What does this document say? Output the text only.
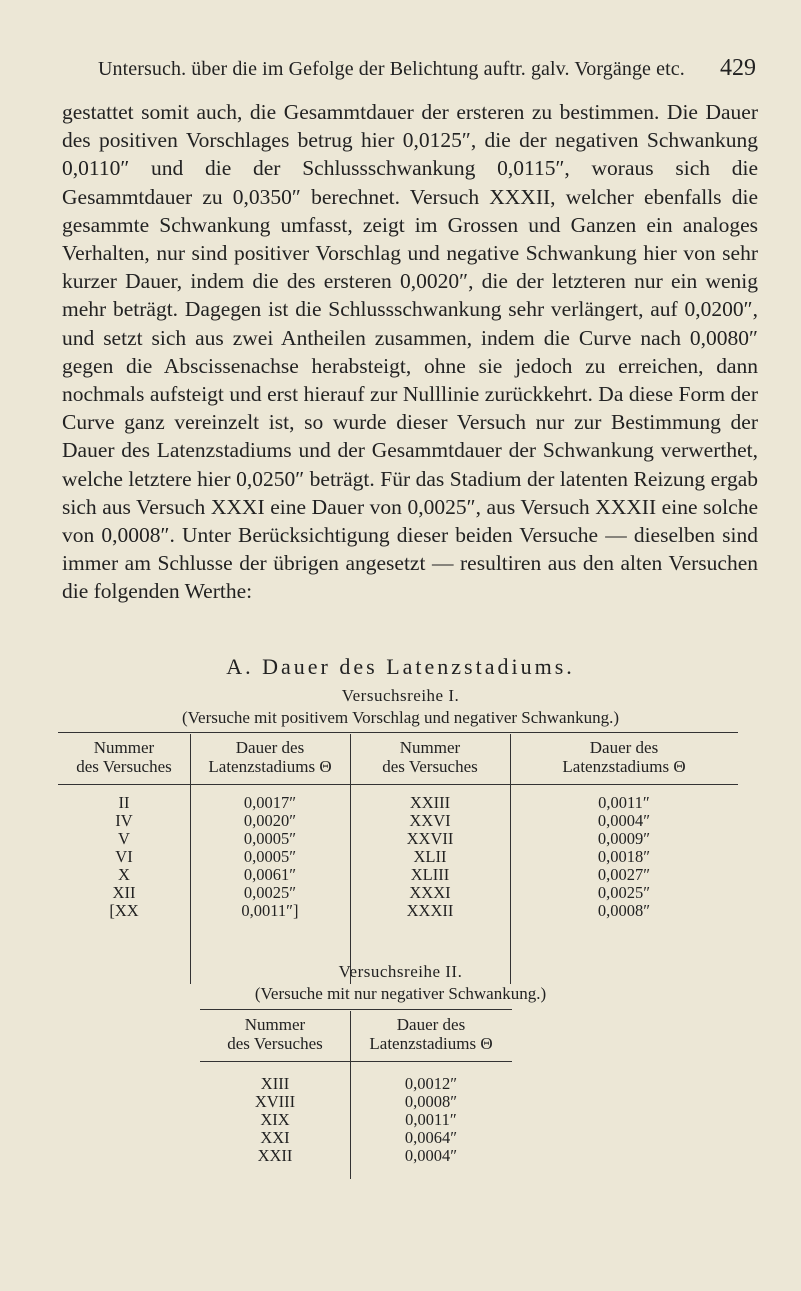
Untersuch. über die im Gefolge der Belichtung auftr. galv. Vorgänge etc. 429

gestattet somit auch, die Gesammtdauer der ersteren zu bestimmen. Die Dauer des positiven Vorschlages betrug hier 0,0125″, die der negativen Schwankung 0,0110″ und die der Schlussschwankung 0,0115″, woraus sich die Gesammtdauer zu 0,0350″ berechnet. Versuch XXXII, welcher ebenfalls die gesammte Schwankung umfasst, zeigt im Grossen und Ganzen ein analoges Verhalten, nur sind positiver Vorschlag und negative Schwankung hier von sehr kurzer Dauer, indem die des ersteren 0,0020″, die der letzteren nur ein wenig mehr beträgt. Dagegen ist die Schlussschwankung sehr verlängert, auf 0,0200″, und setzt sich aus zwei Antheilen zusammen, indem die Curve nach 0,0080″ gegen die Abscissenachse herabsteigt, ohne sie jedoch zu erreichen, dann nochmals aufsteigt und erst hierauf zur Nulllinie zurückkehrt. Da diese Form der Curve ganz vereinzelt ist, so wurde dieser Versuch nur zur Bestimmung der Dauer des Latenzstadiums und der Gesammtdauer der Schwankung verwerthet, welche letztere hier 0,0250″ beträgt. Für das Stadium der latenten Reizung ergab sich aus Versuch XXXI eine Dauer von 0,0025″, aus Versuch XXXII eine solche von 0,0008″. Unter Berücksichtigung dieser beiden Versuche — dieselben sind immer am Schlusse der übrigen angesetzt — resultiren aus den alten Versuchen die folgenden Werthe:

A. Dauer des Latenzstadiums.
Versuchsreihe I.
(Versuche mit positivem Vorschlag und negativer Schwankung.)
Nummer
des Versuches
Dauer des
Latenzstadiums Θ
Nummer
des Versuches
Dauer des
Latenzstadiums Θ
II
IV
V
VI
X
XII
[XX
0,0017″
0,0020″
0,0005″
0,0005″
0,0061″
0,0025″
0,0011″]
XXIII
XXVI
XXVII
XLII
XLIII
XXXI
XXXII
0,0011″
0,0004″
0,0009″
0,0018″
0,0027″
0,0025″
0,0008″
Versuchsreihe II.
(Versuche mit nur negativer Schwankung.)
Nummer
des Versuches
Dauer des
Latenzstadiums Θ
XIII
XVIII
XIX
XXI
XXII
0,0012″
0,0008″
0,0011″
0,0064″
0,0004″
